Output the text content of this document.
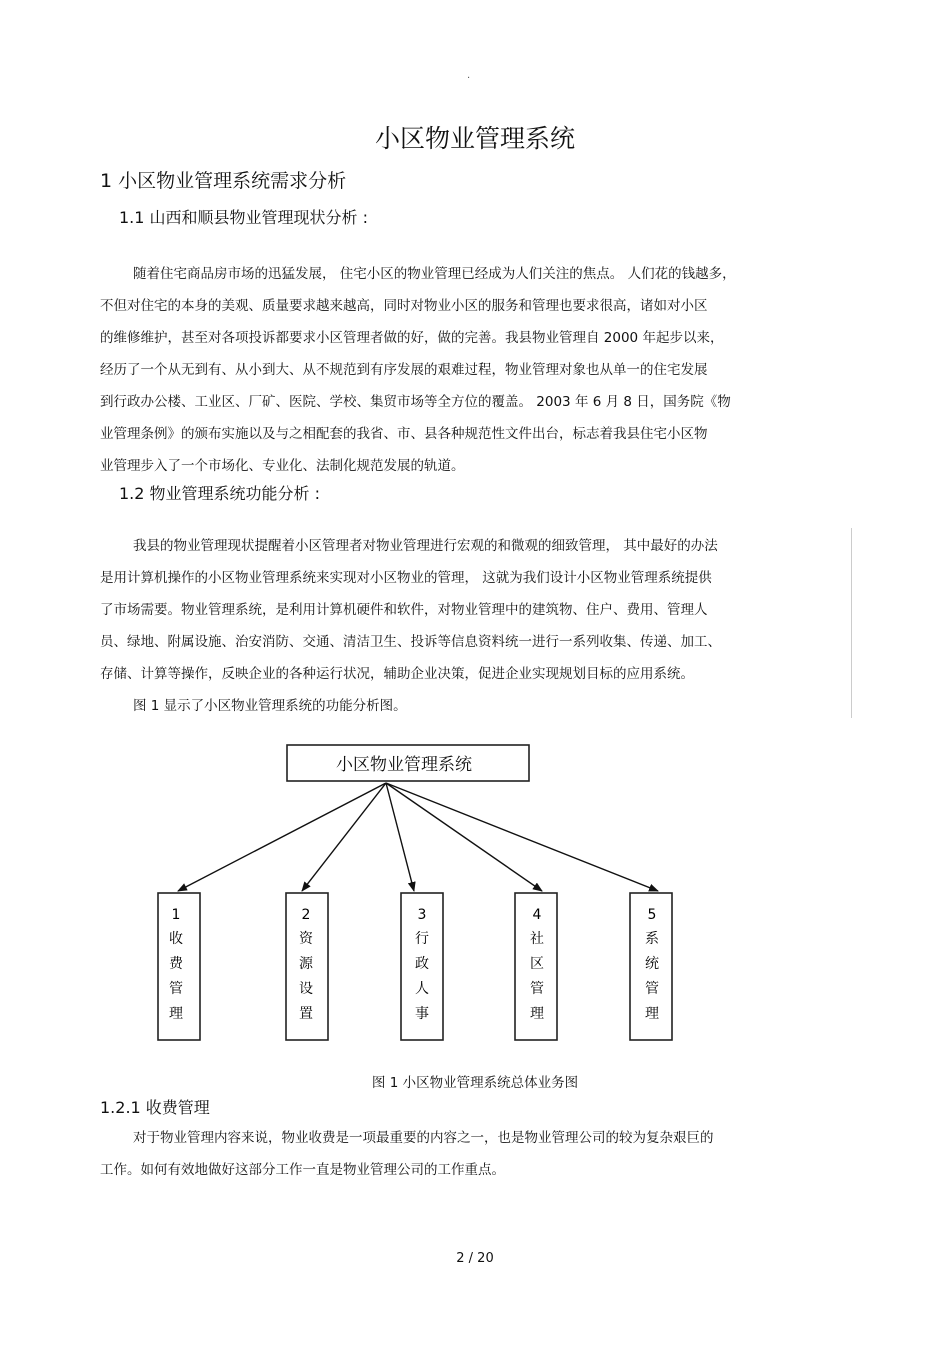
.
小区物业管理系统
1 小区物业管理系统需求分析
1.1 山西和顺县物业管理现状分析 :
随着住宅商品房市场的迅猛发展， 住宅小区的物业管理已经成为人们关注的焦点。 人们花的钱越多，
不但对住宅的本身的美观、质量要求越来越高，同时对物业小区的服务和管理也要求很高，诸如对小区
的维修维护，甚至对各项投诉都要求小区管理者做的好，做的完善。我县物业管理自 2000 年起步以来，
经历了一个从无到有、从小到大、从不规范到有序发展的艰难过程，物业管理对象也从单一的住宅发展
到行政办公楼、工业区、厂矿、医院、学校、集贸市场等全方位的覆盖。 2003 年 6 月 8 日，国务院《物
业管理条例》的颁布实施以及与之相配套的我省、市、县各种规范性文件出台，标志着我县住宅小区物
业管理步入了一个市场化、专业化、法制化规范发展的轨道。
1.2 物业管理系统功能分析 :
我县的物业管理现状提醒着小区管理者对物业管理进行宏观的和微观的细致管理， 其中最好的办法
是用计算机操作的小区物业管理系统来实现对小区物业的管理， 这就为我们设计小区物业管理系统提供
了市场需要。物业管理系统，是利用计算机硬件和软件，对物业管理中的建筑物、住户、费用、管理人
员、绿地、附属设施、治安消防、交通、清洁卫生、投诉等信息资料统一进行一系列收集、传递、加工、
存储、计算等操作，反映企业的各种运行状况，辅助企业决策，促进企业实现规划目标的应用系统。
图 1 显示了小区物业管理系统的功能分析图。
小区物业管理系统
1
收
费
管
理
2
资
源
设
置
3
行
政
人
事
4
社
区
管
理
5
系
统
管
理
图 1 小区物业管理系统总体业务图
1.2.1 收费管理
对于物业管理内容来说，物业收费是一项最重要的内容之一，也是物业管理公司的较为复杂艰巨的
工作。如何有效地做好这部分工作一直是物业管理公司的工作重点。
2 / 20
